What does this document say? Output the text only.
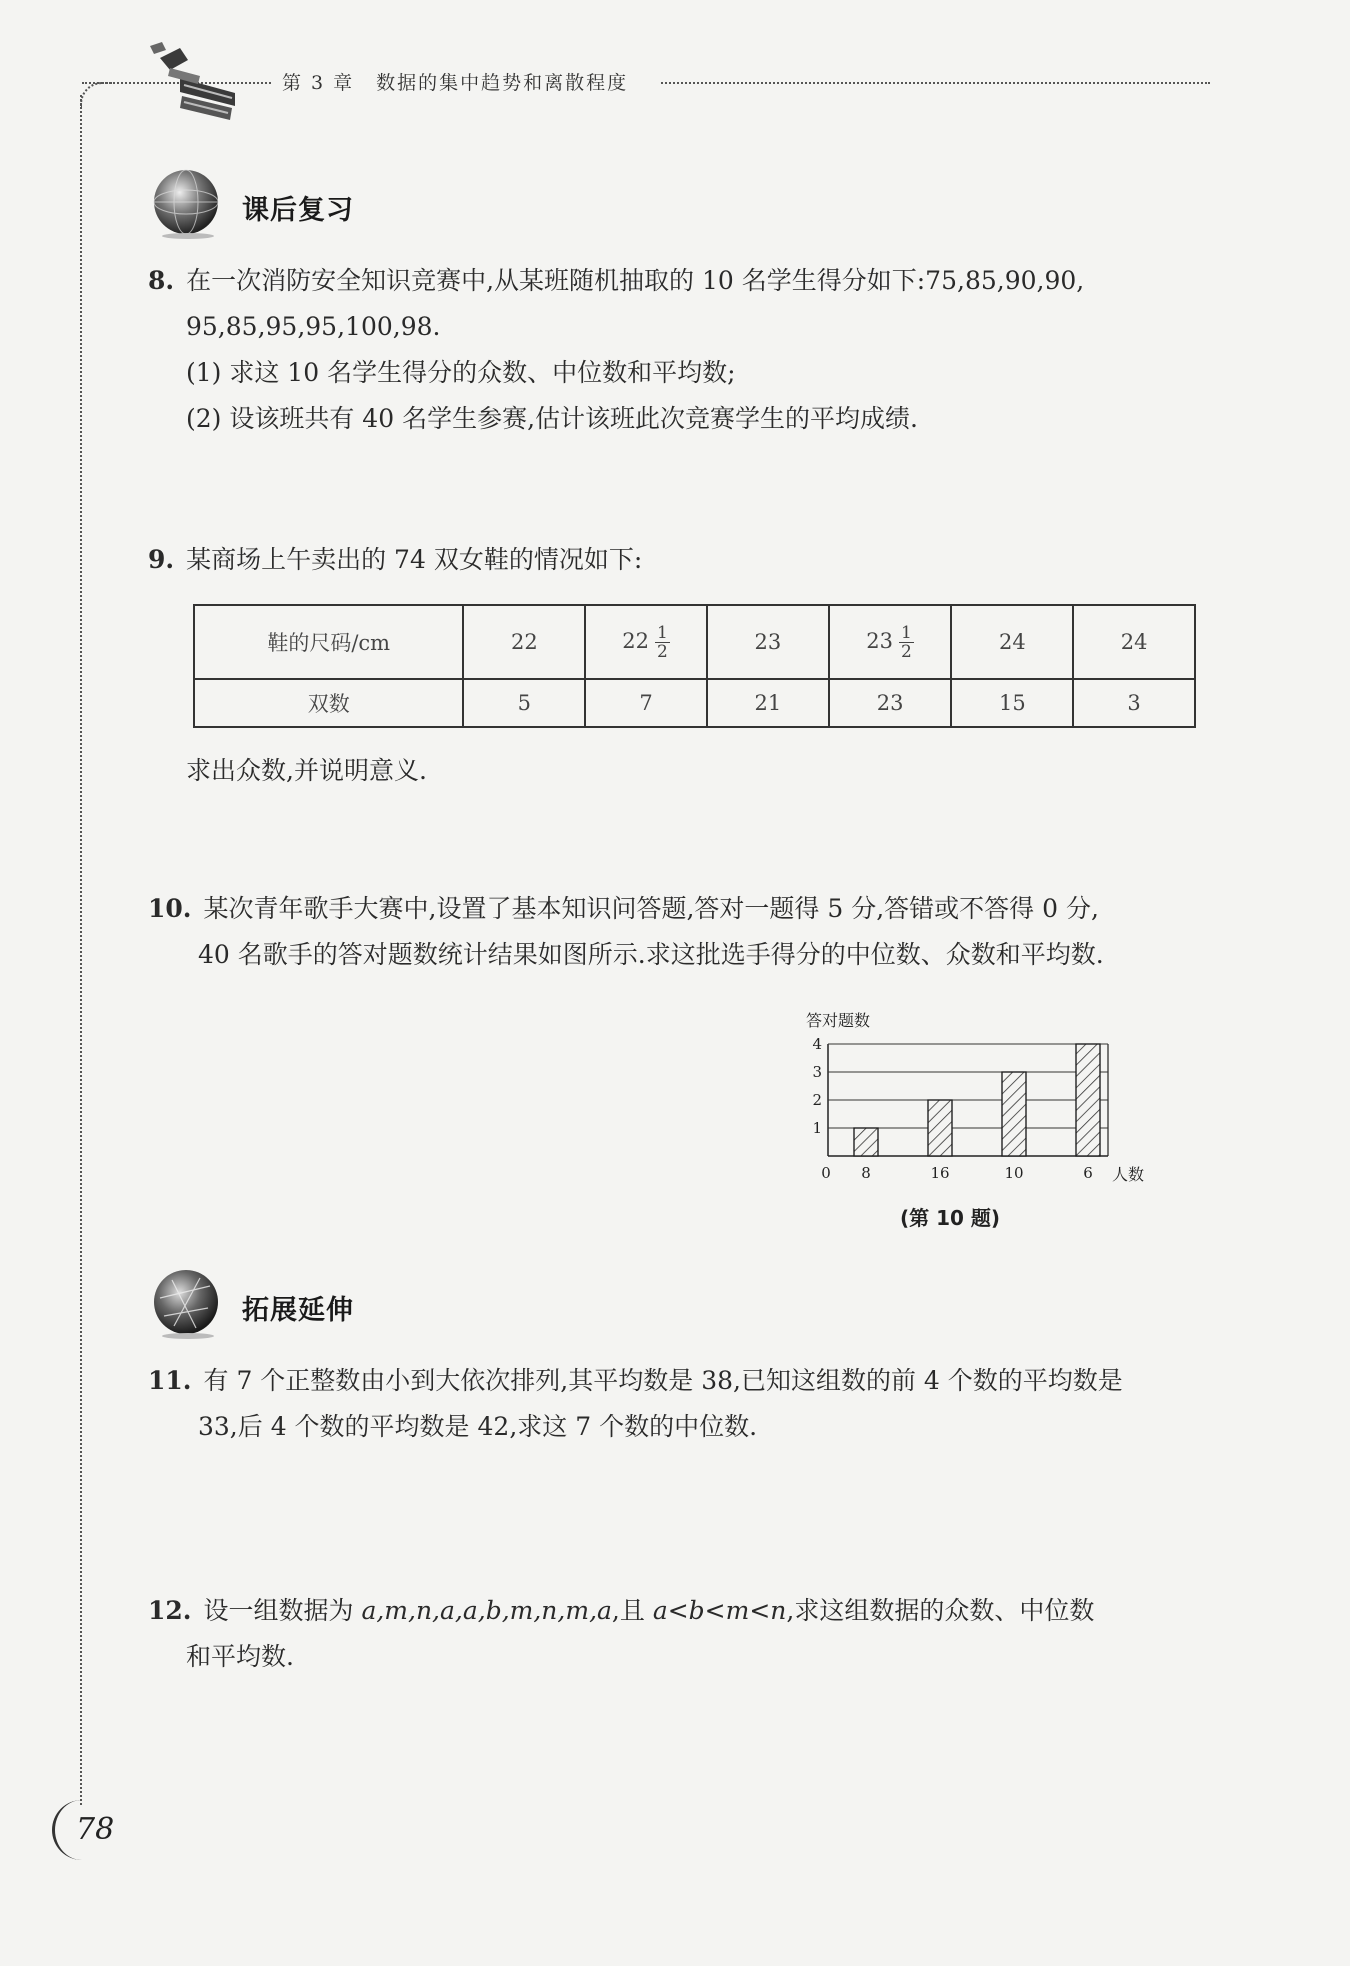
第 3 章 数据的集中趋势和离散程度
课后复习
8. 在一次消防安全知识竞赛中,从某班随机抽取的 10 名学生得分如下:75,85,90,90,
95,85,95,95,100,98.
(1) 求这 10 名学生得分的众数、中位数和平均数;
(2) 设该班共有 40 名学生参赛,估计该班此次竞赛学生的平均成绩.
9. 某商场上午卖出的 74 双女鞋的情况如下:
鞋的尺码/cm	22	$22 \frac{1}{2}$	23	$23 \frac{1}{2}$	24	24
双数	5	7	21	23	15	3
求出众数,并说明意义.
10. 某次青年歌手大赛中,设置了基本知识问答题,答对一题得 5 分,答错或不答得 0 分,
40 名歌手的答对题数统计结果如图所示.求这批选手得分的中位数、众数和平均数.
1
2
3
4
答对题数
0 8	16	10	6 人数
(第 10 题)
拓展延伸
11. 有 7 个正整数由小到大依次排列,其平均数是 38,已知这组数的前 4 个数的平均数是
33,后 4 个数的平均数是 42,求这 7 个数的中位数.
12. 设一组数据为 a,m,n,a,a,b,m,n,m,a,且 a<b<m<n,求这组数据的众数、中位数
和平均数.
78
